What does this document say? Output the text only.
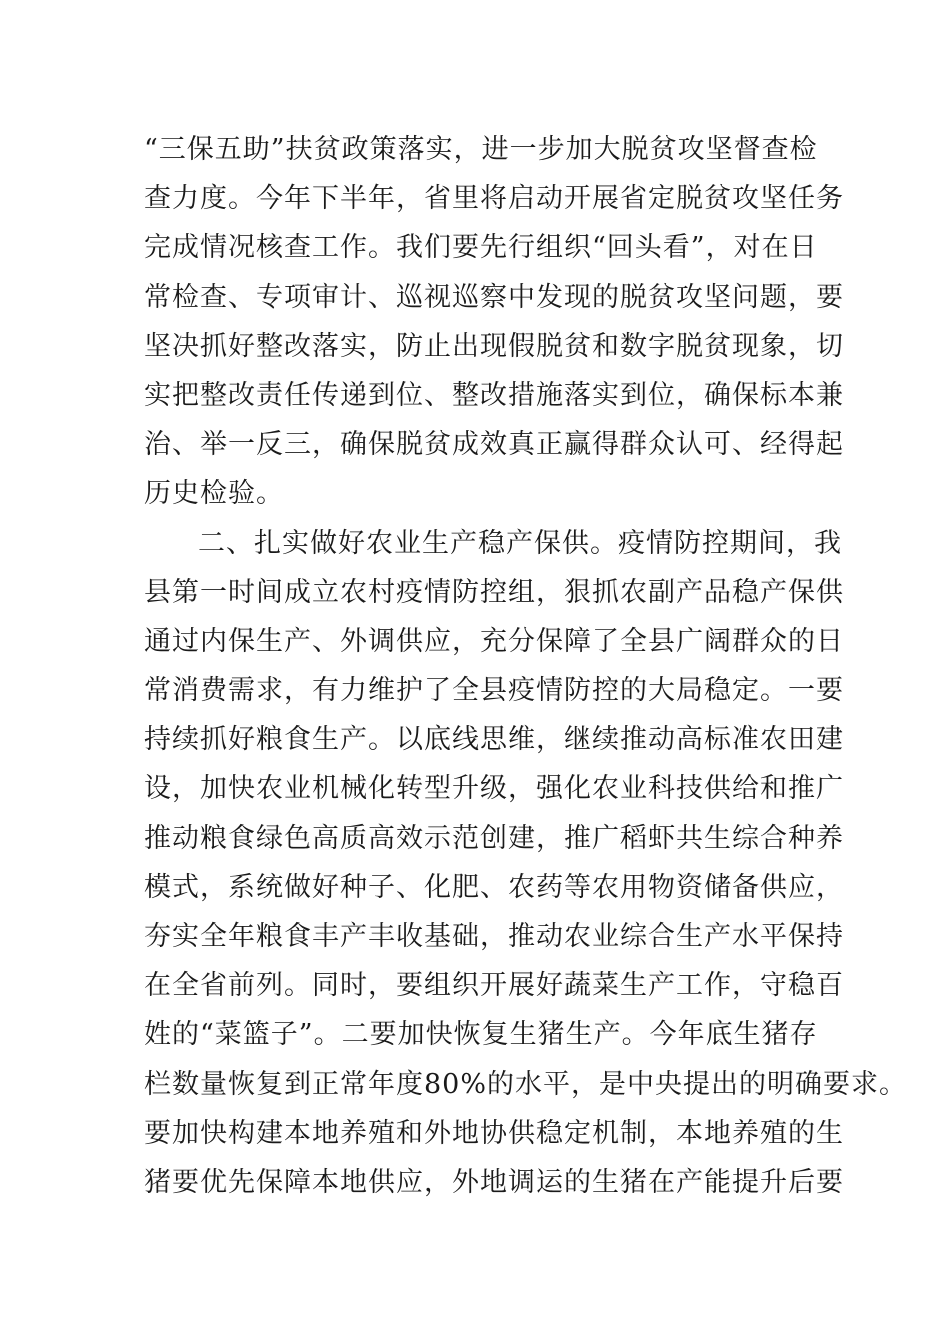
“三保五助”扶贫政策落实，进一步加大脱贫攻坚督查检
查力度。今年下半年，省里将启动开展省定脱贫攻坚任务
完成情况核查工作。我们要先行组织“回头看”，对在日
常检查、专项审计、巡视巡察中发现的脱贫攻坚问题，要
坚决抓好整改落实，防止出现假脱贫和数字脱贫现象，切
实把整改责任传递到位、整改措施落实到位，确保标本兼
治、举一反三，确保脱贫成效真正赢得群众认可、经得起
历史检验。
二、扎实做好农业生产稳产保供。疫情防控期间，我
县第一时间成立农村疫情防控组，狠抓农副产品稳产保供
通过内保生产、外调供应，充分保障了全县广阔群众的日
常消费需求，有力维护了全县疫情防控的大局稳定。一要
持续抓好粮食生产。以底线思维，继续推动高标准农田建
设，加快农业机械化转型升级，强化农业科技供给和推广
推动粮食绿色高质高效示范创建，推广稻虾共生综合种养
模式，系统做好种子、化肥、农药等农用物资储备供应，
夯实全年粮食丰产丰收基础，推动农业综合生产水平保持
在全省前列。同时，要组织开展好蔬菜生产工作，守稳百
姓的“菜篮子”。二要加快恢复生猪生产。今年底生猪存
栏数量恢复到正常年度80%的水平，是中央提出的明确要求。
要加快构建本地养殖和外地协供稳定机制，本地养殖的生
猪要优先保障本地供应，外地调运的生猪在产能提升后要
